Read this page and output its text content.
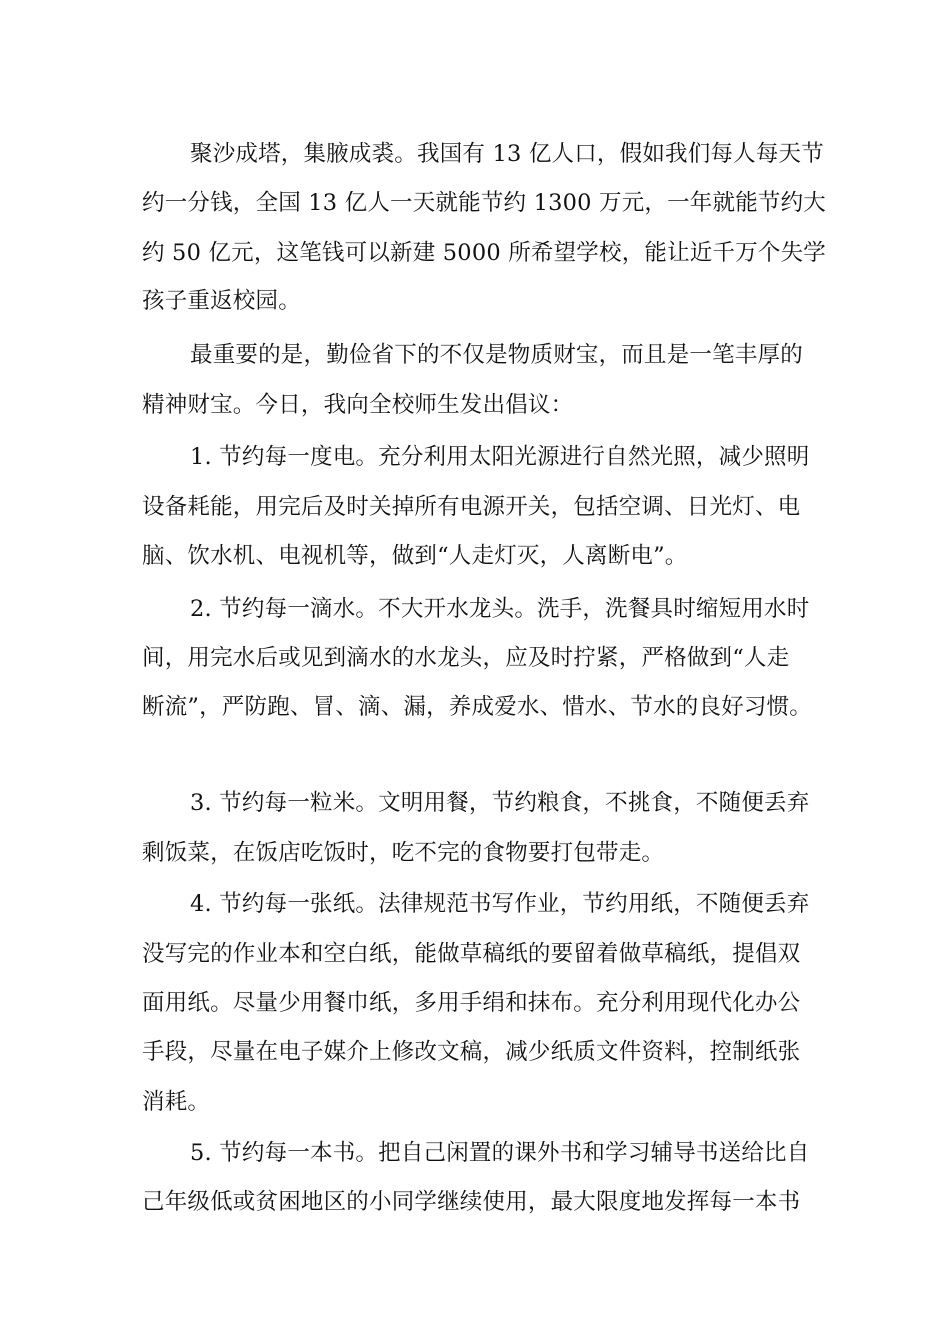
聚沙成塔，集腋成裘。我国有 13 亿人口，假如我们每人每天节
约一分钱，全国 13 亿人一天就能节约 1300 万元，一年就能节约大
约 50 亿元，这笔钱可以新建 5000 所希望学校，能让近千万个失学
孩子重返校园。
最重要的是，勤俭省下的不仅是物质财宝，而且是一笔丰厚的
精神财宝。今日，我向全校师生发出倡议：
1. 节约每一度电。充分利用太阳光源进行自然光照，减少照明
设备耗能，用完后及时关掉所有电源开关，包括空调、日光灯、电
脑、饮水机、电视机等，做到“人走灯灭，人离断电”。
2. 节约每一滴水。不大开水龙头。洗手，洗餐具时缩短用水时
间，用完水后或见到滴水的水龙头，应及时拧紧，严格做到“人走
断流”，严防跑、冒、滴、漏，养成爱水、惜水、节水的良好习惯。
3. 节约每一粒米。文明用餐，节约粮食，不挑食，不随便丢弃
剩饭菜，在饭店吃饭时，吃不完的食物要打包带走。
4. 节约每一张纸。法律规范书写作业，节约用纸，不随便丢弃
没写完的作业本和空白纸，能做草稿纸的要留着做草稿纸，提倡双
面用纸。尽量少用餐巾纸，多用手绢和抹布。充分利用现代化办公
手段，尽量在电子媒介上修改文稿，减少纸质文件资料，控制纸张
消耗。
5. 节约每一本书。把自己闲置的课外书和学习辅导书送给比自
己年级低或贫困地区的小同学继续使用，最大限度地发挥每一本书
